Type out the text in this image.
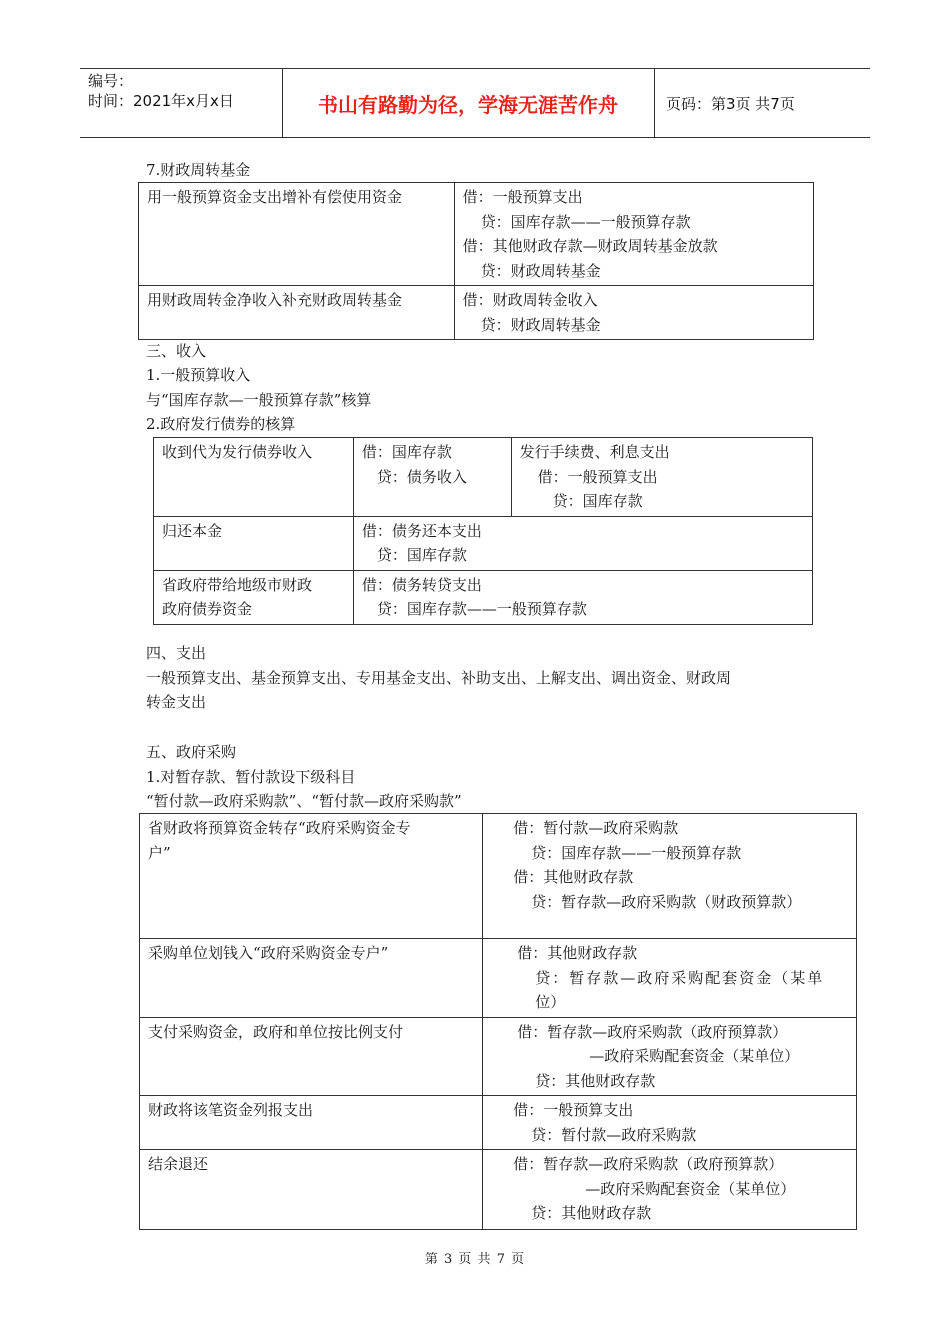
编号：
时间：2021年x月x日	书山有路勤为径，学海无涯苦作舟	页码：第3页 共7页
7.财政周转基金
用一般预算资金支出增补有偿使用资金	借：一般预算支出
贷：国库存款——一般预算存款
借：其他财政存款—财政周转基金放款
贷：财政周转基金

用财政周转金净收入补充财政周转基金	借：财政周转金收入
贷：财政周转基金
三、收入
1.一般预算收入
与“国库存款—一般预算存款”核算
2.政府发行债券的核算
收到代为发行债券收入	借：国库存款
贷：债务收入	发行手续费、利息支出
借：一般预算支出
贷：国库存款

归还本金	借：债务还本支出
贷：国库存款	

省政府带给地级市财政
政府债券资金	借：债务转贷支出
贷：国库存款——一般预算存款	
四、支出
一般预算支出、基金预算支出、专用基金支出、补助支出、上解支出、调出资金、财政周
转金支出
五、政府采购
1.对暂存款、暂付款设下级科目
“暂付款—政府采购款”、“暂付款—政府采购款”
省财政将预算资金转存“政府采购资金专
户”	借：暂付款—政府采购款
贷：国库存款——一般预算存款
借：其他财政存款
贷：暂存款—政府采购款（财政预算款）

采购单位划钱入“政府采购资金专户”	借：其他财政存款
贷：暂存款—政府采购配套资金（某单
位）

支付采购资金，政府和单位按比例支付	借：暂存款—政府采购款（政府预算款）
—政府采购配套资金（某单位）
贷：其他财政存款

财政将该笔资金列报支出	借：一般预算支出
贷：暂付款—政府采购款

结余退还	借：暂存款—政府采购款（政府预算款）
—政府采购配套资金（某单位）
贷：其他财政存款
第 3 页 共 7 页
